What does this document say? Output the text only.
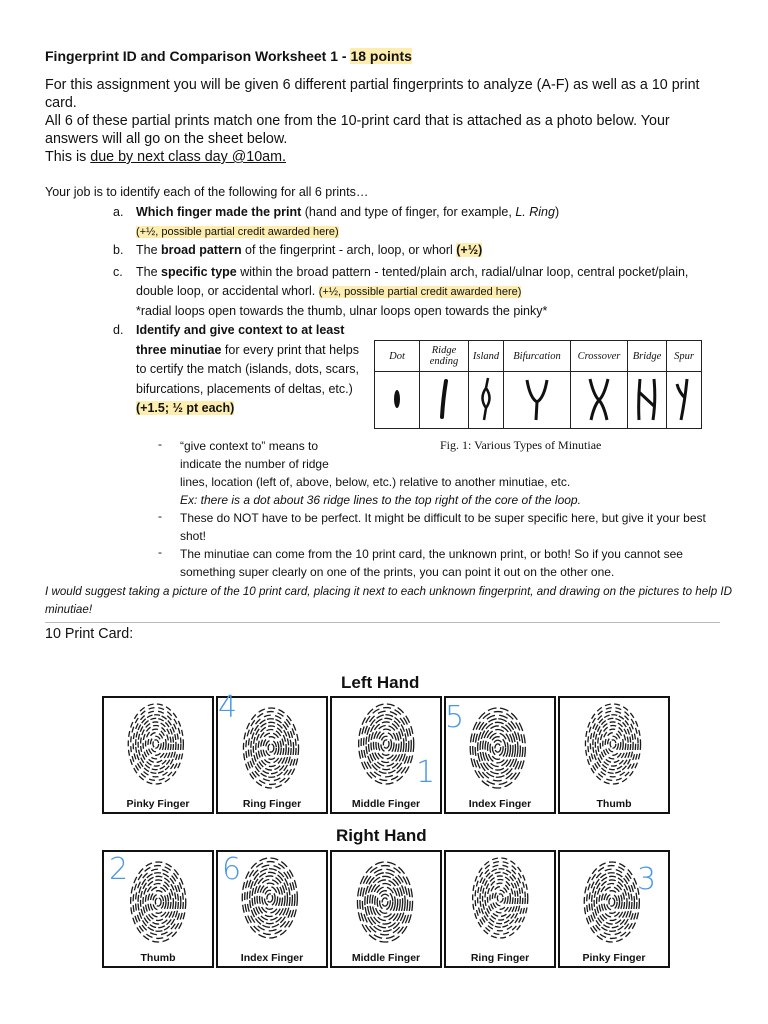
Fingerprint ID and Comparison Worksheet 1 - 18 points

For this assignment you will be given 6 different partial fingerprints to analyze (A-F) as well as a 10 print card.

All 6 of these partial prints match one from the 10-print card that is attached as a photo below. Your answers will all go on the sheet below.

This is due by next class day @10am.

Your job is to identify each of the following for all 6 prints…
a. Which finger made the print (hand and type of finger, for example, L. Ring)
(+½, possible partial credit awarded here)
b. The broad pattern of the fingerprint - arch, loop, or whorl (+½)
c. The specific type within the broad pattern - tented/plain arch, radial/ulnar loop, central pocket/plain, double loop, or accidental whorl. (+½, possible partial credit awarded here)
*radial loops open towards the thumb, ulnar loops open towards the pinky*
d. Identify and give context to at least three minutiae for every print that helps to certify the match (islands, dots, scars, bifurcations, placements of deltas, etc.) (+1.5; ½ pt each)
Dot	Ridge ending	Island	Bifurcation	Crossover	Bridge	Spur

Fig. 1: Various Types of Minutiae
- “give context to” means to indicate the number of ridge
lines, location (left of, above, below, etc.) relative to another minutiae, etc.
Ex: there is a dot about 36 ridge lines to the top right of the core of the loop.
- These do NOT have to be perfect. It might be difficult to be super specific here, but give it your best shot!
- The minutiae can come from the 10 print card, the unknown print, or both! So if you cannot see something super clearly on one of the prints, you can point it out on the other one.
I would suggest taking a picture of the 10 print card, placing it next to each unknown fingerprint, and drawing on the pictures to help ID minutiae!
10 Print Card:
Left Hand
Pinky Finger	Ring Finger	Middle Finger	Index Finger	Thumb
Right Hand
Thumb	Index Finger	Middle Finger	Ring Finger	Pinky Finger
4
1
5
2	6	3
